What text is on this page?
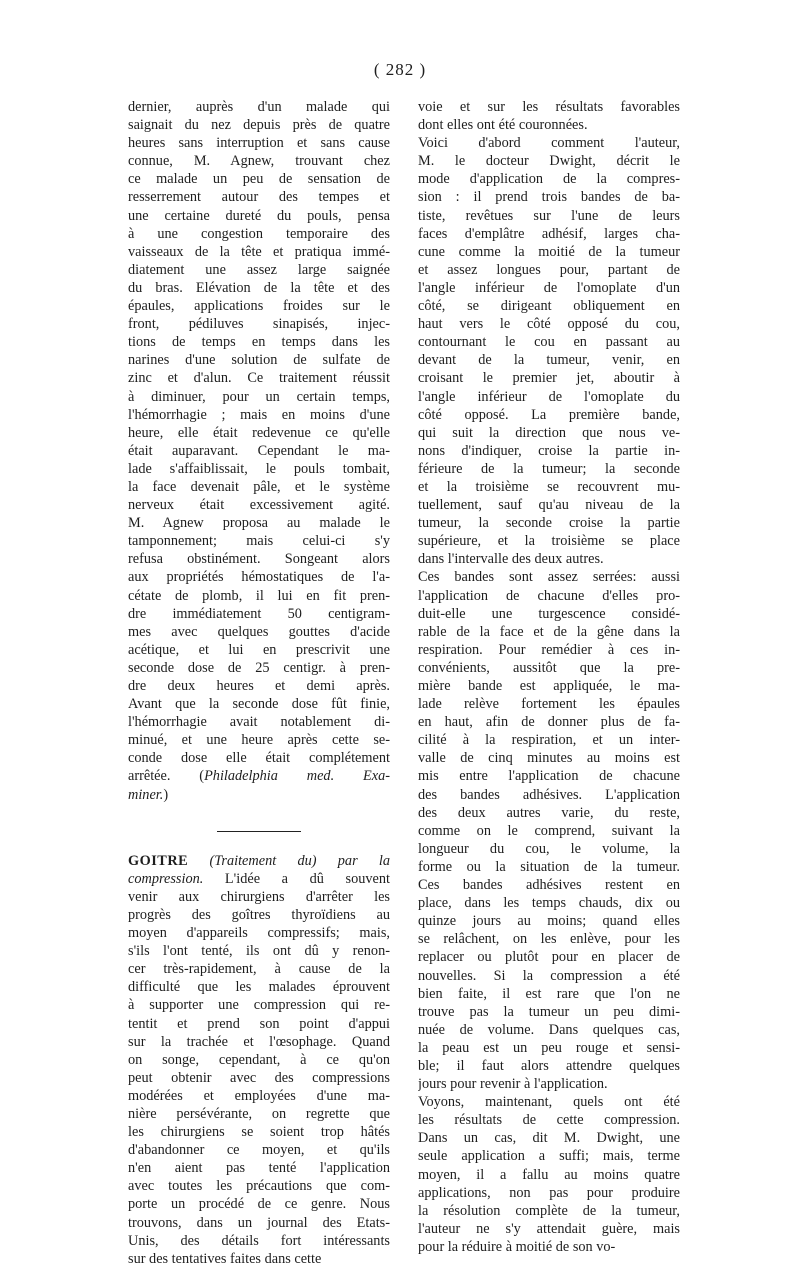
( 282 )
dernier, auprès d'un malade qui
saignait du nez depuis près de quatre
heures sans interruption et sans cause
connue, M. Agnew, trouvant chez
ce malade un peu de sensation de
resserrement autour des tempes et
une certaine dureté du pouls, pensa
à une congestion temporaire des
vaisseaux de la tête et pratiqua immé-
diatement une assez large saignée
du bras. Elévation de la tête et des
épaules, applications froides sur le
front, pédiluves sinapisés, injec-
tions de temps en temps dans les
narines d'une solution de sulfate de
zinc et d'alun. Ce traitement réussit
à diminuer, pour un certain temps,
l'hémorrhagie ; mais en moins d'une
heure, elle était redevenue ce qu'elle
était auparavant. Cependant le ma-
lade s'affaiblissait, le pouls tombait,
la face devenait pâle, et le système
nerveux était excessivement agité.
M. Agnew proposa au malade le
tamponnement; mais celui-ci s'y
refusa obstinément. Songeant alors
aux propriétés hémostatiques de l'a-
cétate de plomb, il lui en fit pren-
dre immédiatement 50 centigram-
mes avec quelques gouttes d'acide
acétique, et lui en prescrivit une
seconde dose de 25 centigr. à pren-
dre deux heures et demi après.
Avant que la seconde dose fût finie,
l'hémorrhagie avait notablement di-
minué, et une heure après cette se-
conde dose elle était complétement
arrêtée. (Philadelphia med. Exa-
miner.)
GOITRE (Traitement du) par la
compression. L'idée a dû souvent
venir aux chirurgiens d'arrêter les
progrès des goîtres thyroïdiens au
moyen d'appareils compressifs; mais,
s'ils l'ont tenté, ils ont dû y renon-
cer très-rapidement, à cause de la
difficulté que les malades éprouvent
à supporter une compression qui re-
tentit et prend son point d'appui
sur la trachée et l'œsophage. Quand
on songe, cependant, à ce qu'on
peut obtenir avec des compressions
modérées et employées d'une ma-
nière persévérante, on regrette que
les chirurgiens se soient trop hâtés
d'abandonner ce moyen, et qu'ils
n'en aient pas tenté l'application
avec toutes les précautions que com-
porte un procédé de ce genre. Nous
trouvons, dans un journal des Etats-
Unis, des détails fort intéressants
sur des tentatives faites dans cette
voie et sur les résultats favorables
dont elles ont été couronnées.
Voici d'abord comment l'auteur,
M. le docteur Dwight, décrit le
mode d'application de la compres-
sion : il prend trois bandes de ba-
tiste, revêtues sur l'une de leurs
faces d'emplâtre adhésif, larges cha-
cune comme la moitié de la tumeur
et assez longues pour, partant de
l'angle inférieur de l'omoplate d'un
côté, se dirigeant obliquement en
haut vers le côté opposé du cou,
contournant le cou en passant au
devant de la tumeur, venir, en
croisant le premier jet, aboutir à
l'angle inférieur de l'omoplate du
côté opposé. La première bande,
qui suit la direction que nous ve-
nons d'indiquer, croise la partie in-
férieure de la tumeur; la seconde
et la troisième se recouvrent mu-
tuellement, sauf qu'au niveau de la
tumeur, la seconde croise la partie
supérieure, et la troisième se place
dans l'intervalle des deux autres.
Ces bandes sont assez serrées: aussi
l'application de chacune d'elles pro-
duit-elle une turgescence considé-
rable de la face et de la gêne dans la
respiration. Pour remédier à ces in-
convénients, aussitôt que la pre-
mière bande est appliquée, le ma-
lade relève fortement les épaules
en haut, afin de donner plus de fa-
cilité à la respiration, et un inter-
valle de cinq minutes au moins est
mis entre l'application de chacune
des bandes adhésives. L'application
des deux autres varie, du reste,
comme on le comprend, suivant la
longueur du cou, le volume, la
forme ou la situation de la tumeur.
Ces bandes adhésives restent en
place, dans les temps chauds, dix ou
quinze jours au moins; quand elles
se relâchent, on les enlève, pour les
replacer ou plutôt pour en placer de
nouvelles. Si la compression a été
bien faite, il est rare que l'on ne
trouve pas la tumeur un peu dimi-
nuée de volume. Dans quelques cas,
la peau est un peu rouge et sensi-
ble; il faut alors attendre quelques
jours pour revenir à l'application.
Voyons, maintenant, quels ont été
les résultats de cette compression.
Dans un cas, dit M. Dwight, une
seule application a suffi; mais, terme
moyen, il a fallu au moins quatre
applications, non pas pour produire
la résolution complète de la tumeur,
l'auteur ne s'y attendait guère, mais
pour la réduire à moitié de son vo-
